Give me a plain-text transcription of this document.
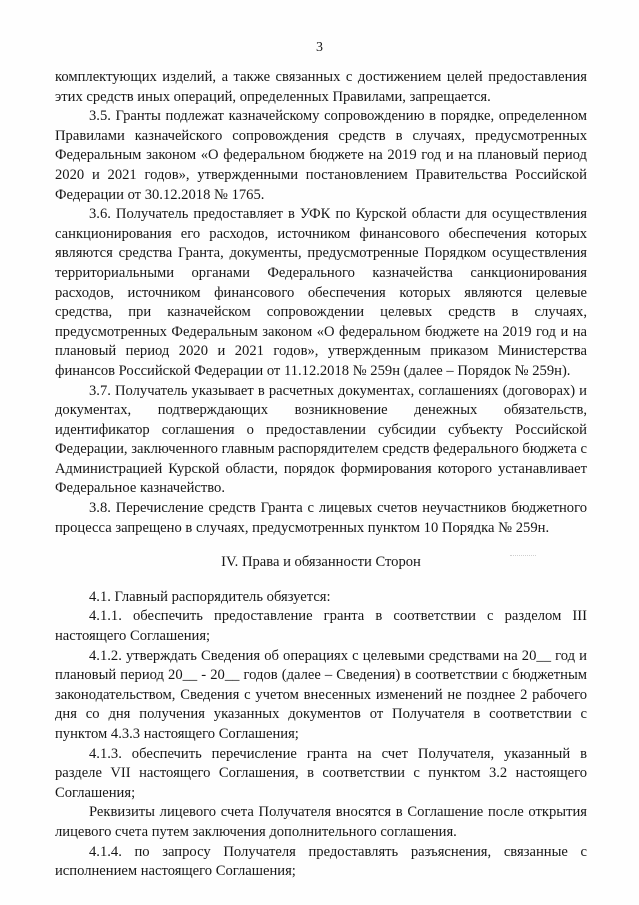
3

комплектующих изделий, а также связанных с достижением целей предоставления этих средств иных операций, определенных Правилами, запрещается.

3.5. Гранты подлежат казначейскому сопровождению в порядке, определенном Правилами казначейского сопровождения средств в случаях, предусмотренных Федеральным законом «О федеральном бюджете на 2019 год и на плановый период 2020 и 2021 годов», утвержденными постановлением Правительства Российской Федерации от 30.12.2018 № 1765.

3.6. Получатель предоставляет в УФК по Курской области для осуществления санкционирования его расходов, источником финансового обеспечения которых являются средства Гранта, документы, предусмотренные Порядком осуществления территориальными органами Федерального казначейства санкционирования расходов, источником финансового обеспечения которых являются целевые средства, при казначейском сопровождении целевых средств в случаях, предусмотренных Федеральным законом «О федеральном бюджете на 2019 год и на плановый период 2020 и 2021 годов», утвержденным приказом Министерства финансов Российской Федерации от 11.12.2018 № 259н (далее – Порядок № 259н).

3.7. Получатель указывает в расчетных документах, соглашениях (договорах) и документах, подтверждающих возникновение денежных обязательств, идентификатор соглашения о предоставлении субсидии субъекту Российской Федерации, заключенного главным распорядителем средств федерального бюджета с Администрацией Курской области, порядок формирования которого устанавливает Федеральное казначейство.

3.8. Перечисление средств Гранта с лицевых счетов неучастников бюджетного процесса запрещено в случаях, предусмотренных пунктом 10 Порядка № 259н.

IV. Права и обязанности Сторон

4.1. Главный распорядитель обязуется:

4.1.1. обеспечить предоставление гранта в соответствии с разделом III настоящего Соглашения;

4.1.2. утверждать Сведения об операциях с целевыми средствами на 20__ год и плановый период 20__ - 20__ годов (далее – Сведения) в соответствии с бюджетным законодательством, Сведения с учетом внесенных изменений не позднее 2 рабочего дня со дня получения указанных документов от Получателя в соответствии с пунктом 4.3.3 настоящего Соглашения;

4.1.3. обеспечить перечисление гранта на счет Получателя, указанный в разделе VII настоящего Соглашения, в соответствии с пунктом 3.2 настоящего Соглашения;

Реквизиты лицевого счета Получателя вносятся в Соглашение после открытия лицевого счета путем заключения дополнительного соглашения.

4.1.4. по запросу Получателя предоставлять разъяснения, связанные с исполнением настоящего Соглашения;
